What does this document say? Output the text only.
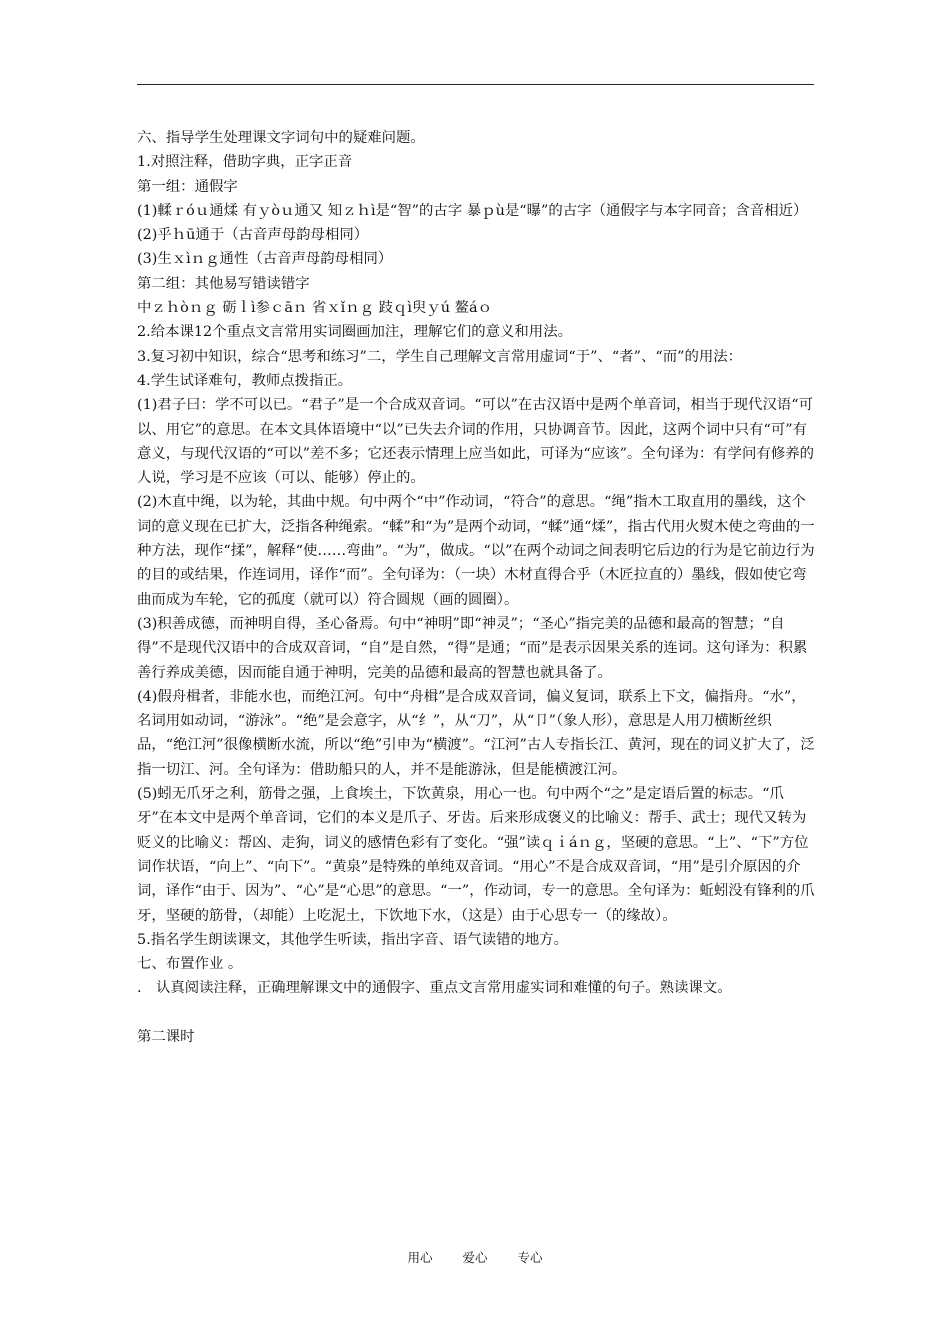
六、指导学生处理课文字词句中的疑难问题。

1.对照注释，借助字典，正字正音

第一组：通假字

(1)輮ｒóｕ通煣 有ｙòｕ通又 知ｚｈì是“智”的古字 暴ｐù是“曝”的古字（通假字与本字同音；含音相近）

(2)乎ｈū通于（古音声母韵母相同）

(3)生ｘìｎｇ通性（古音声母韵母相同）

第二组：其他易写错读错字

中ｚｈòｎｇ 砺ｌì参ｃāｎ 省ｘǐｎｇ 跂ｑì臾ｙú 鳌áｏ

2.给本课12个重点文言常用实词圈画加注，理解它们的意义和用法。

3.复习初中知识，综合“思考和练习”二，学生自己理解文言常用虚词“于”、“者”、“而”的用法：

4.学生试译难句，教师点拨指正。

(1)君子曰：学不可以已。“君子”是一个合成双音词。“可以”在古汉语中是两个单音词，相当于现代汉语“可以、用它”的意思。在本文具体语境中“以”已失去介词的作用，只协调音节。因此，这两个词中只有“可”有意义，与现代汉语的“可以”差不多；它还表示情理上应当如此，可译为“应该”。全句译为：有学问有修养的人说，学习是不应该（可以、能够）停止的。

(2)木直中绳，以为轮，其曲中规。句中两个“中”作动词，“符合”的意思。“绳”指木工取直用的墨线，这个词的意义现在已扩大，泛指各种绳索。“輮”和“为”是两个动词，“輮”通“煣”，指古代用火熨木使之弯曲的一种方法，现作“揉”，解释“使……弯曲”。“为”，做成。“以”在两个动词之间表明它后边的行为是它前边行为的目的或结果，作连词用，译作“而”。全句译为：（一块）木材直得合乎（木匠拉直的）墨线，假如使它弯曲而成为车轮，它的孤度（就可以）符合圆规（画的圆圈）。

(3)积善成德，而神明自得，圣心备焉。句中“神明”即“神灵”；“圣心”指完美的品德和最高的智慧；“自得”不是现代汉语中的合成双音词，“自”是自然，“得”是通；“而”是表示因果关系的连词。这句译为：积累善行养成美德，因而能自通于神明，完美的品德和最高的智慧也就具备了。

(4)假舟楫者，非能水也，而绝江河。句中“舟楫”是合成双音词，偏义复词，联系上下文，偏指舟。“水”，名词用如动词，“游泳”。“绝”是会意字，从“纟”，从“刀”，从“卩”（象人形），意思是人用刀横断丝织品，“绝江河”很像横断水流，所以“绝”引申为“横渡”。“江河”古人专指长江、黄河，现在的词义扩大了，泛指一切江、河。全句译为：借助船只的人，并不是能游泳，但是能横渡江河。

(5)蚓无爪牙之利，筋骨之强，上食埃土，下饮黄泉，用心一也。句中两个“之”是定语后置的标志。“爪牙”在本文中是两个单音词，它们的本义是爪子、牙齿。后来形成褒义的比喻义：帮手、武士；现代又转为贬义的比喻义：帮凶、走狗，词义的感情色彩有了变化。“强”读ｑｉáｎｇ，坚硬的意思。“上”、“下”方位词作状语，“向上”、“向下”。“黄泉”是特殊的单纯双音词。“用心”不是合成双音词，“用”是引介原因的介词，译作“由于、因为”、“心”是“心思”的意思。“一”，作动词，专一的意思。全句译为：蚯蚓没有锋利的爪牙，坚硬的筋骨，（却能）上吃泥土，下饮地下水，（这是）由于心思专一（的缘故）。

5.指名学生朗读课文，其他学生听读，指出字音、语气读错的地方。

七、布置作业 。

.　认真阅读注释，正确理解课文中的通假字、重点文言常用虚实词和难懂的句子。熟读课文。

第二课时

用心 爱心 专心
